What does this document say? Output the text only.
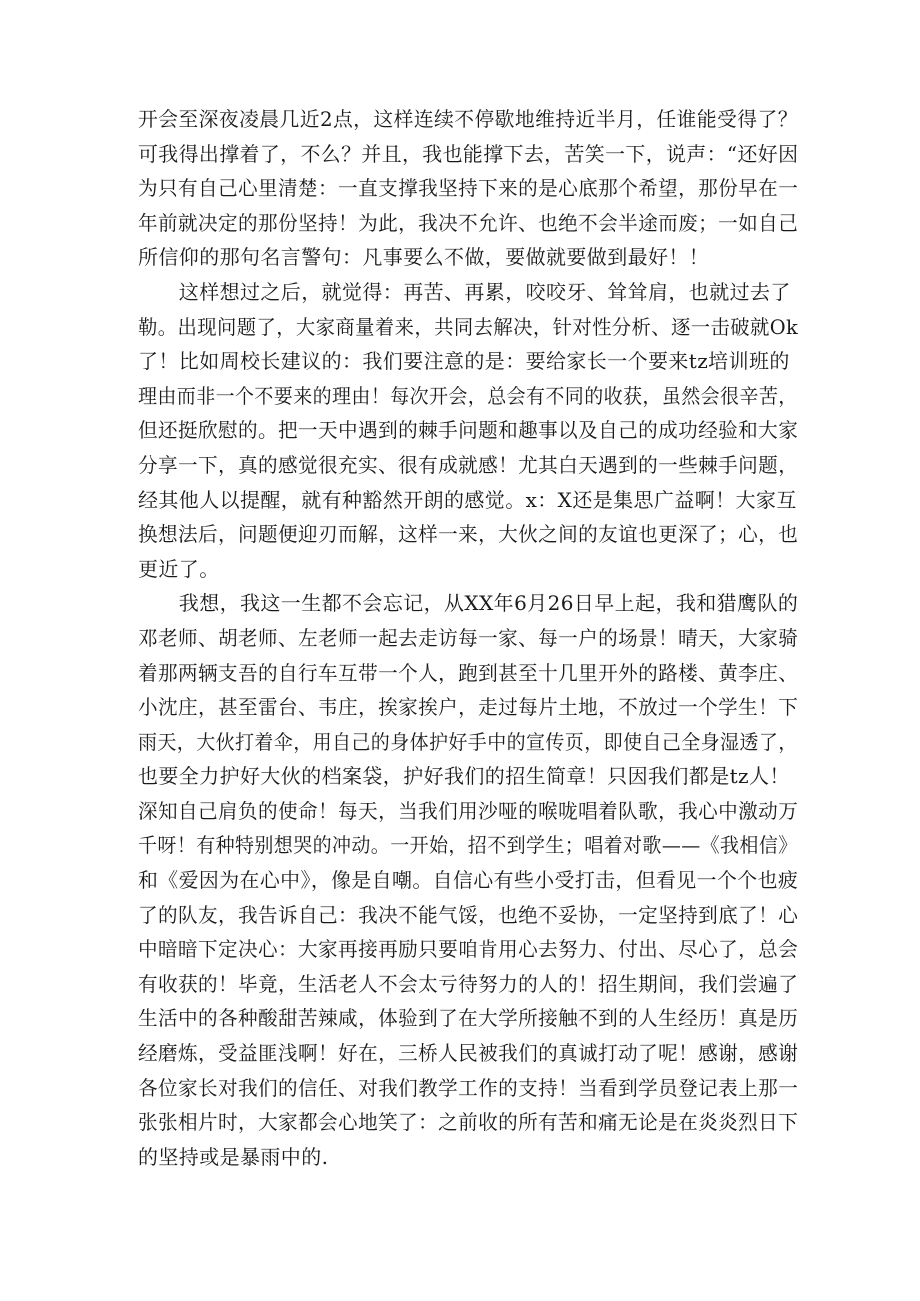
开会至深夜凌晨几近2点，这样连续不停歇地维持近半月，任谁能受得了？
可我得出撑着了，不么？并且，我也能撑下去，苦笑一下，说声：“还好因
为只有自己心里清楚：一直支撑我坚持下来的是心底那个希望，那份早在一
年前就决定的那份坚持！为此，我决不允许、也绝不会半途而废；一如自己
所信仰的那句名言警句：凡事要么不做，要做就要做到最好！！
　　这样想过之后，就觉得：再苦、再累，咬咬牙、耸耸肩，也就过去了
勒。出现问题了，大家商量着来，共同去解决，针对性分析、逐一击破就Ok
了！比如周校长建议的：我们要注意的是：要给家长一个要来tz培训班的
理由而非一个不要来的理由！每次开会，总会有不同的收获，虽然会很辛苦，
但还挺欣慰的。把一天中遇到的棘手问题和趣事以及自己的成功经验和大家
分享一下，真的感觉很充实、很有成就感！尤其白天遇到的一些棘手问题，
经其他人以提醒，就有种豁然开朗的感觉。x：X还是集思广益啊！大家互
换想法后，问题便迎刃而解，这样一来，大伙之间的友谊也更深了；心，也
更近了。
　　我想，我这一生都不会忘记，从XX年6月26日早上起，我和猎鹰队的
邓老师、胡老师、左老师一起去走访每一家、每一户的场景！晴天，大家骑
着那两辆支吾的自行车互带一个人，跑到甚至十几里开外的路楼、黄李庄、
小沈庄，甚至雷台、韦庄，挨家挨户，走过每片土地，不放过一个学生！下
雨天，大伙打着伞，用自己的身体护好手中的宣传页，即使自己全身湿透了，
也要全力护好大伙的档案袋，护好我们的招生简章！只因我们都是tz人！
深知自己肩负的使命！每天，当我们用沙哑的喉咙唱着队歌，我心中激动万
千呀！有种特别想哭的冲动。一开始，招不到学生；唱着对歌——《我相信》
和《爱因为在心中》，像是自嘲。自信心有些小受打击，但看见一个个也疲
了的队友，我告诉自己：我决不能气馁，也绝不妥协，一定坚持到底了！心
中暗暗下定决心：大家再接再励只要咱肯用心去努力、付出、尽心了，总会
有收获的！毕竟，生活老人不会太亏待努力的人的！招生期间，我们尝遍了
生活中的各种酸甜苦辣咸，体验到了在大学所接触不到的人生经历！真是历
经磨炼，受益匪浅啊！好在，三桥人民被我们的真诚打动了呢！感谢，感谢
各位家长对我们的信任、对我们教学工作的支持！当看到学员登记表上那一
张张相片时，大家都会心地笑了：之前收的所有苦和痛无论是在炎炎烈日下
的坚持或是暴雨中的.
